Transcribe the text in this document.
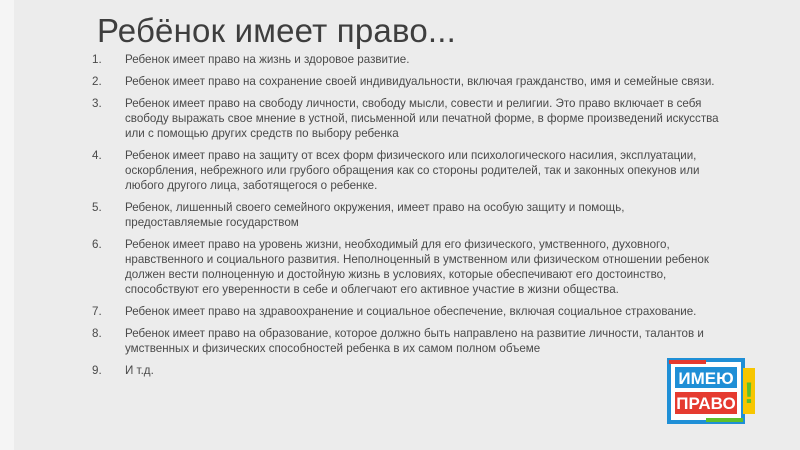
Ребёнок имеет право...
1. Ребенок имеет право на жизнь и здоровое развитие.
2. Ребенок имеет право на сохранение своей индивидуальности, включая гражданство, имя и семейные связи.
3. Ребенок имеет право на свободу личности, свободу мысли, совести и религии. Это право включает в себя свободу выражать свое мнение в устной, письменной или печатной форме, в форме произведений искусства или с помощью других средств по выбору ребенка
4. Ребенок имеет право на защиту от всех форм физического или психологического насилия, эксплуатации, оскорбления, небрежного или грубого обращения как со стороны родителей, так и законных опекунов или любого другого лица, заботящегося о ребенке.
5. Ребенок, лишенный своего семейного окружения, имеет право на особую защиту и помощь, предоставляемые государством
6. Ребенок имеет право на уровень жизни, необходимый для его физического, умственного, духовного, нравственного и социального развития. Неполноценный в умственном или физическом отношении ребенок должен вести полноценную и достойную жизнь в условиях, которые обеспечивают его достоинство, способствуют его уверенности в себе и облегчают его активное участие в жизни общества.
7. Ребенок имеет право на здравоохранение и социальное обеспечение, включая социальное страхование.
8. Ребенок имеет право на образование, которое должно быть направлено на развитие личности, талантов и умственных и физических способностей ребенка в их самом полном объеме
9. И т.д.	ИМЕЮ
ПРАВО !
